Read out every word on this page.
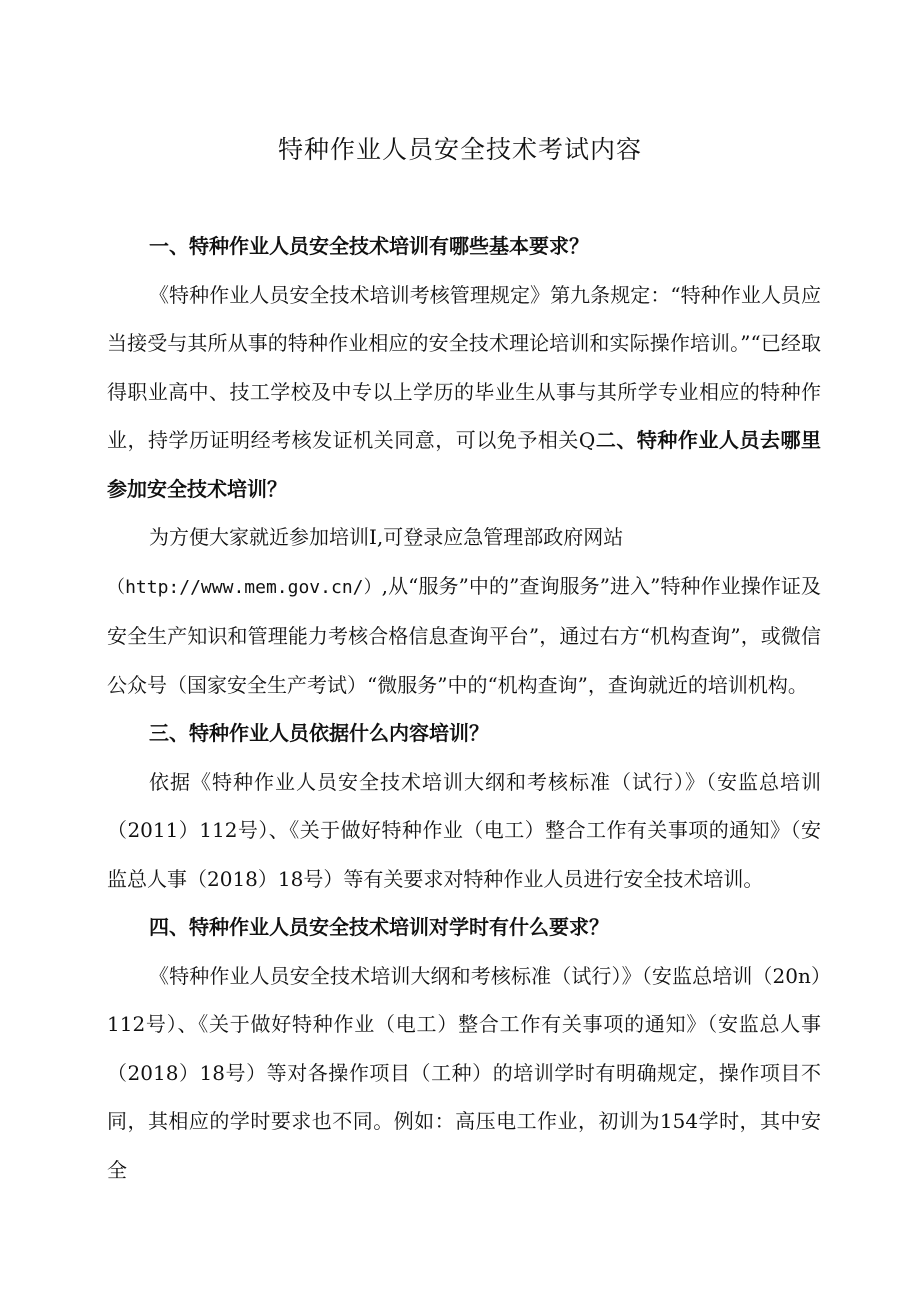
特种作业人员安全技术考试内容

一、特种作业人员安全技术培训有哪些基本要求？

《特种作业人员安全技术培训考核管理规定》第九条规定：“特种作业人员应当接受与其所从事的特种作业相应的安全技术理论培训和实际操作培训。”“已经取得职业高中、技工学校及中专以上学历的毕业生从事与其所学专业相应的特种作业，持学历证明经考核发证机关同意，可以免予相关Q二、特种作业人员去哪里参加安全技术培训？

为方便大家就近参加培训I,可登录应急管理部政府网站

（http://www.mem.gov.cn/）,从“服务”中的”查询服务”进入”特种作业操作证及安全生产知识和管理能力考核合格信息查询平台”，通过右方“机构查询”，或微信公众号（国家安全生产考试）“微服务”中的“机构查询”，查询就近的培训机构。

三、特种作业人员依据什么内容培训？

依据《特种作业人员安全技术培训大纲和考核标准（试行）》（安监总培训（2011）112号）、《关于做好特种作业（电工）整合工作有关事项的通知》（安监总人事（2018）18号）等有关要求对特种作业人员进行安全技术培训。

四、特种作业人员安全技术培训对学时有什么要求？

《特种作业人员安全技术培训大纲和考核标准（试行）》（安监总培训（20n）112号）、《关于做好特种作业（电工）整合工作有关事项的通知》（安监总人事（2018）18号）等对各操作项目（工种）的培训学时有明确规定，操作项目不同，其相应的学时要求也不同。例如：高压电工作业，初训为154学时，其中安全
